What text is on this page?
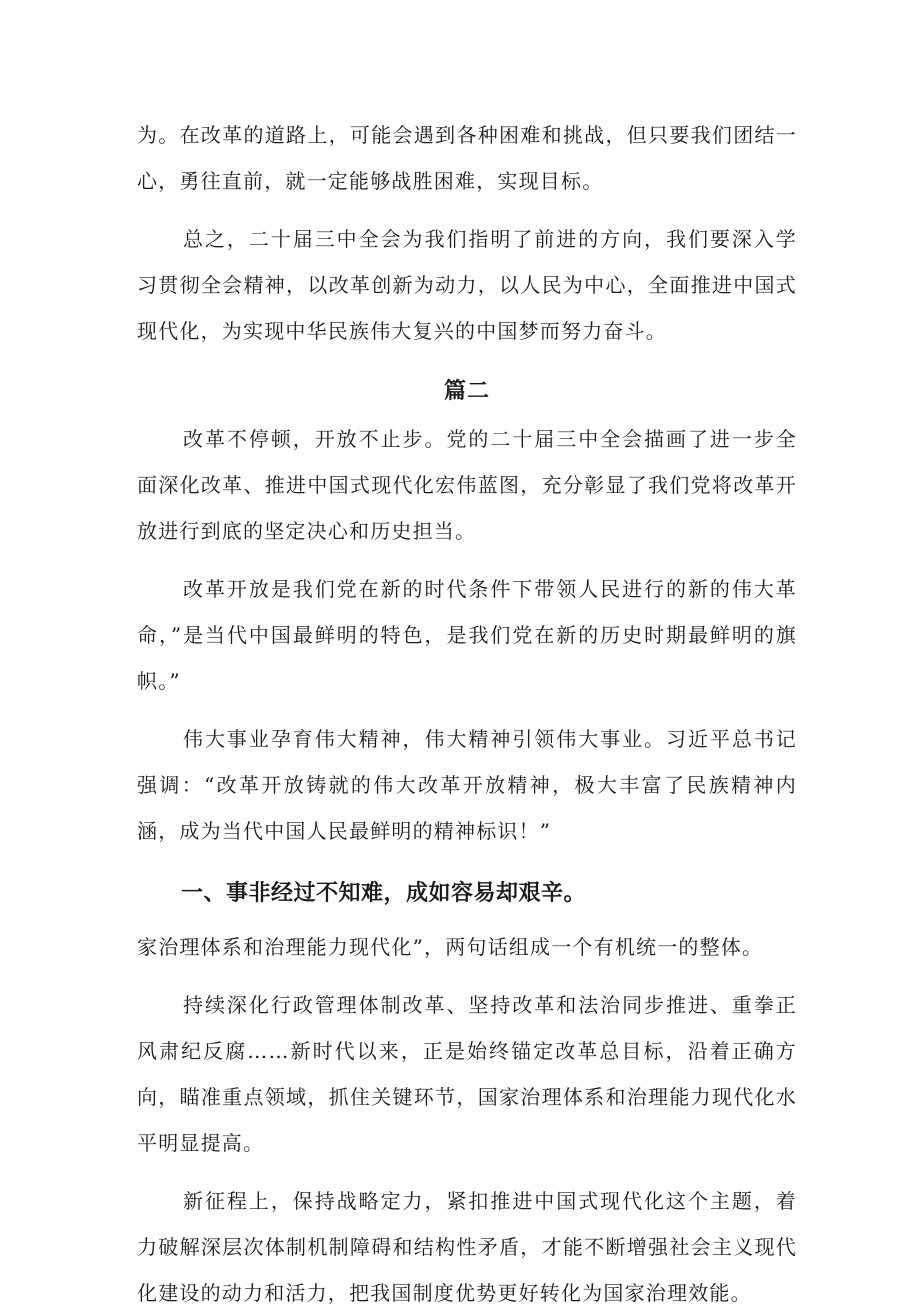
为。在改革的道路上，可能会遇到各种困难和挑战，但只要我们团结一心，勇往直前，就一定能够战胜困难，实现目标。

总之，二十届三中全会为我们指明了前进的方向，我们要深入学习贯彻全会精神，以改革创新为动力，以人民为中心，全面推进中国式现代化，为实现中华民族伟大复兴的中国梦而努力奋斗。

篇二

改革不停顿，开放不止步。党的二十届三中全会描画了进一步全面深化改革、推进中国式现代化宏伟蓝图，充分彰显了我们党将改革开放进行到底的坚定决心和历史担当。

改革开放是我们党在新的时代条件下带领人民进行的新的伟大革命，”是当代中国最鲜明的特色，是我们党在新的历史时期最鲜明的旗帜。”

伟大事业孕育伟大精神，伟大精神引领伟大事业。习近平总书记强调：“改革开放铸就的伟大改革开放精神，极大丰富了民族精神内涵，成为当代中国人民最鲜明的精神标识！”

一、事非经过不知难，成如容易却艰辛。

家治理体系和治理能力现代化”，两句话组成一个有机统一的整体。

持续深化行政管理体制改革、坚持改革和法治同步推进、重拳正风肃纪反腐……新时代以来，正是始终锚定改革总目标，沿着正确方向，瞄准重点领域，抓住关键环节，国家治理体系和治理能力现代化水平明显提高。

新征程上，保持战略定力，紧扣推进中国式现代化这个主题，着力破解深层次体制机制障碍和结构性矛盾，才能不断增强社会主义现代化建设的动力和活力，把我国制度优势更好转化为国家治理效能。
